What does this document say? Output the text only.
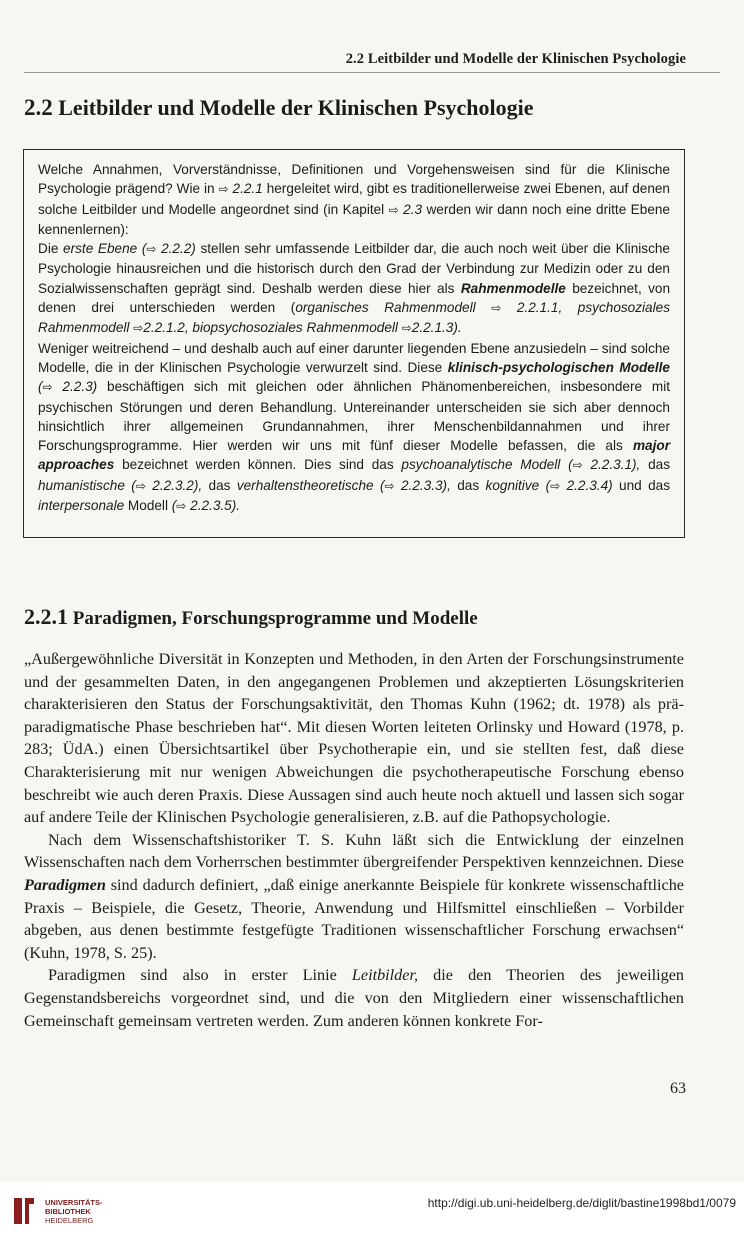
2.2 Leitbilder und Modelle der Klinischen Psychologie
2.2 Leitbilder und Modelle der Klinischen Psychologie

Welche Annahmen, Vorverständnisse, Definitionen und Vorgehensweisen sind für die Klinische Psychologie prägend? Wie in ⇨ 2.2.1 hergeleitet wird, gibt es traditionellerweise zwei Ebenen, auf denen solche Leitbilder und Modelle angeordnet sind (in Kapitel ⇨ 2.3 werden wir dann noch eine dritte Ebene kennenlernen):

Die erste Ebene (⇨ 2.2.2) stellen sehr umfassende Leitbilder dar, die auch noch weit über die Klinische Psychologie hinausreichen und die historisch durch den Grad der Verbindung zur Medizin oder zu den Sozialwissenschaften geprägt sind. Deshalb werden diese hier als Rahmenmodelle bezeichnet, von denen drei unterschieden werden (organisches Rahmenmodell ⇨ 2.2.1.1, psychosoziales Rahmenmodell ⇨2.2.1.2, biopsychosoziales Rahmenmodell ⇨2.2.1.3).

Weniger weitreichend – und deshalb auch auf einer darunter liegenden Ebene anzusiedeln – sind solche Modelle, die in der Klinischen Psychologie verwurzelt sind. Diese klinisch-psychologischen Modelle (⇨ 2.2.3) beschäftigen sich mit gleichen oder ähnlichen Phänomenbereichen, insbesondere mit psychischen Störungen und deren Behandlung. Untereinander unterscheiden sie sich aber dennoch hinsichtlich ihrer allgemeinen Grundannahmen, ihrer Menschenbildannahmen und ihrer Forschungsprogramme. Hier werden wir uns mit fünf dieser Modelle befassen, die als major approaches bezeichnet werden können. Dies sind das psychoanalytische Modell (⇨ 2.2.3.1), das humanistische (⇨ 2.2.3.2), das verhaltenstheoretische (⇨ 2.2.3.3), das kognitive (⇨ 2.2.3.4) und das interpersonale Modell (⇨ 2.2.3.5).

2.2.1 Paradigmen, Forschungsprogramme und Modelle

„Außergewöhnliche Diversität in Konzepten und Methoden, in den Arten der Forschungsinstrumente und der gesammelten Daten, in den angegangenen Problemen und akzeptierten Lösungskriterien charakterisieren den Status der Forschungsaktivität, den Thomas Kuhn (1962; dt. 1978) als prä-paradigmatische Phase beschrieben hat“. Mit diesen Worten leiteten Orlinsky und Howard (1978, p. 283; ÜdA.) einen Übersichtsartikel über Psychotherapie ein, und sie stellten fest, daß diese Charakterisierung mit nur wenigen Abweichungen die psychotherapeutische Forschung ebenso beschreibt wie auch deren Praxis. Diese Aussagen sind auch heute noch aktuell und lassen sich sogar auf andere Teile der Klinischen Psychologie generalisieren, z.B. auf die Pathopsychologie.

Nach dem Wissenschaftshistoriker T. S. Kuhn läßt sich die Entwicklung der einzelnen Wissenschaften nach dem Vorherrschen bestimmter übergreifender Perspektiven kennzeichnen. Diese Paradigmen sind dadurch definiert, „daß einige anerkannte Beispiele für konkrete wissenschaftliche Praxis – Beispiele, die Gesetz, Theorie, Anwendung und Hilfsmittel einschließen – Vorbilder abgeben, aus denen bestimmte festgefügte Traditionen wissenschaftlicher Forschung erwachsen“ (Kuhn, 1978, S. 25).

Paradigmen sind also in erster Linie Leitbilder, die den Theorien des jeweiligen Gegenstandsbereichs vorgeordnet sind, und die von den Mitgliedern einer wissenschaftlichen Gemeinschaft gemeinsam vertreten werden. Zum anderen können konkrete For-

63
UNIVERSITÄTS-
BIBLIOTHEK
HEIDELBERG
http://digi.ub.uni-heidelberg.de/diglit/bastine1998bd1/0079
